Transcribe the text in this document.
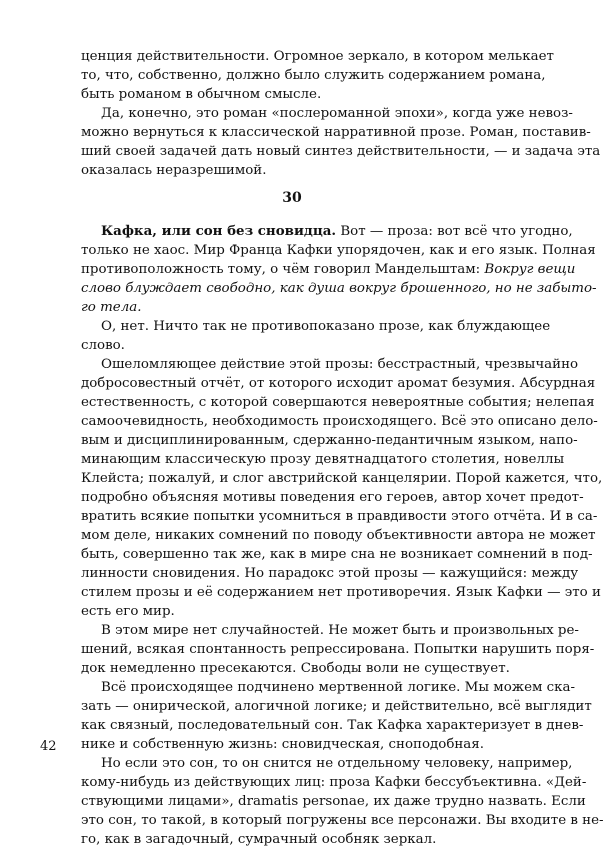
ценция действительности. Огромное зеркало, в котором мелькает
то, что, собственно, должно было служить содержанием романа,
быть романом в обычном смысле.
Да, конечно, это роман «послероманной эпохи», когда уже невоз-
можно вернуться к классической нарративной прозе. Роман, поставив-
ший своей задачей дать новый синтез действительности, — и задача эта
оказалась неразрешимой.
30
Кафка, или сон без сновидца. Вот — проза: вот всё что угодно,
только не хаос. Мир Франца Кафки упорядочен, как и его язык. Полная
противоположность тому, о чём говорил Мандельштам: Вокруг вещи
слово блуждает свободно, как душа вокруг брошенного, но не забыто-
го тела.
О, нет. Ничто так не противопоказано прозе, как блуждающее
слово.
Ошеломляющее действие этой прозы: бесстрастный, чрезвычайно
добросовестный отчёт, от которого исходит аромат безумия. Абсурдная
естественность, с которой совершаются невероятные события; нелепая
самоочевидность, необходимость происходящего. Всё это описано дело-
вым и дисциплинированным, сдержанно-педантичным языком, напо-
минающим классическую прозу девятнадцатого столетия, новеллы
Клейста; пожалуй, и слог австрийской канцелярии. Порой кажется, что,
подробно объясняя мотивы поведения его героев, автор хочет предот-
вратить всякие попытки усомниться в правдивости этого отчёта. И в са-
мом деле, никаких сомнений по поводу объективности автора не может
быть, совершенно так же, как в мире сна не возникает сомнений в под-
линности сновидения. Но парадокс этой прозы — кажущийся: между
стилем прозы и её содержанием нет противоречия. Язык Кафки — это и
есть его мир.
В этом мире нет случайностей. Не может быть и произвольных ре-
шений, всякая спонтанность репрессирована. Попытки нарушить поря-
док немедленно пресекаются. Свободы воли не существует.
Всё происходящее подчинено мертвенной логике. Мы можем ска-
зать — онирической, алогичной логике; и действительно, всё выглядит
как связный, последовательный сон. Так Кафка характеризует в днев-
нике и собственную жизнь: сновидческая, сноподобная.
Но если это сон, то он снится не отдельному человеку, например,
кому-нибудь из действующих лиц: проза Кафки бессубъективна. «Дей-
ствующими лицами», dramatis personae, их даже трудно назвать. Если
это сон, то такой, в который погружены все персонажи. Вы входите в не-
го, как в загадочный, сумрачный особняк зеркал.
42
